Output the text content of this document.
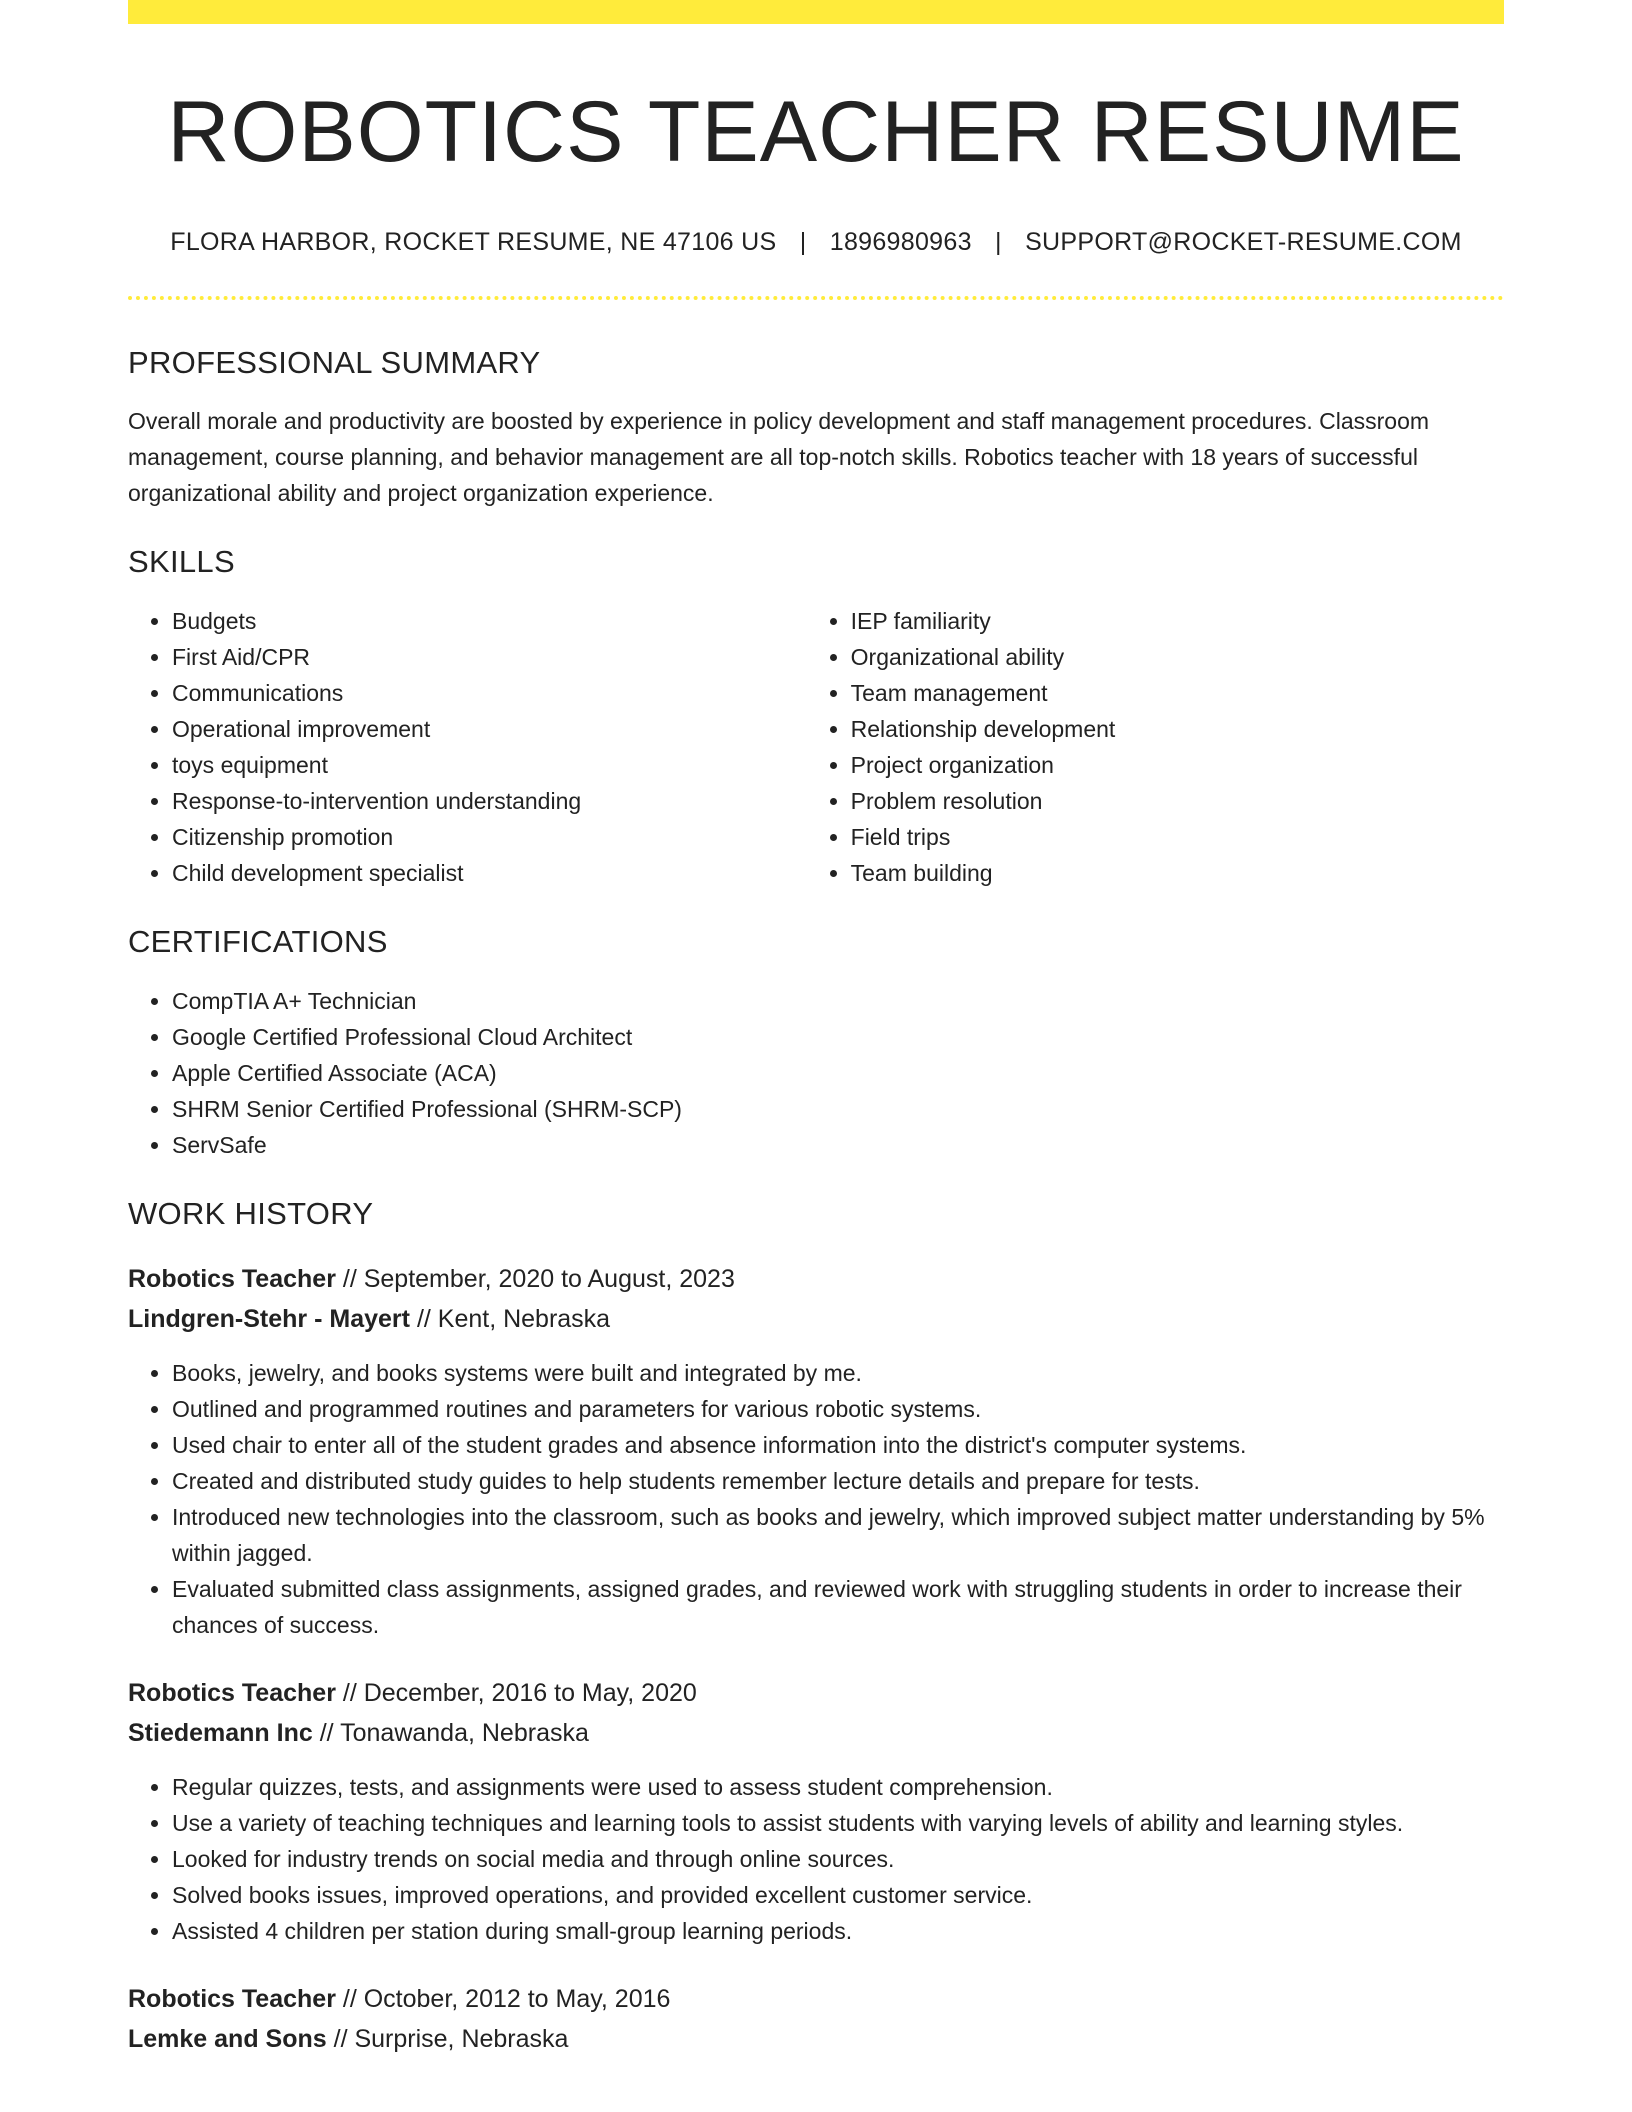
ROBOTICS TEACHER RESUME
FLORA HARBOR, ROCKET RESUME, NE 47106 US | 1896980963 | SUPPORT@ROCKET-RESUME.COM
PROFESSIONAL SUMMARY

Overall morale and productivity are boosted by experience in policy development and staff management procedures. Classroom management, course planning, and behavior management are all top-notch skills. Robotics teacher with 18 years of successful organizational ability and project organization experience.

SKILLS
• Budgets
• First Aid/CPR
• Communications
• Operational improvement
• toys equipment
• Response-to-intervention understanding
• Citizenship promotion
• Child development specialist
• IEP familiarity
• Organizational ability
• Team management
• Relationship development
• Project organization
• Problem resolution
• Field trips
• Team building
CERTIFICATIONS
• CompTIA A+ Technician
• Google Certified Professional Cloud Architect
• Apple Certified Associate (ACA)
• SHRM Senior Certified Professional (SHRM-SCP)
• ServSafe
WORK HISTORY
Robotics Teacher // September, 2020 to August, 2023
Lindgren-Stehr - Mayert // Kent, Nebraska
• Books, jewelry, and books systems were built and integrated by me.
• Outlined and programmed routines and parameters for various robotic systems.
• Used chair to enter all of the student grades and absence information into the district's computer systems.
• Created and distributed study guides to help students remember lecture details and prepare for tests.
• Introduced new technologies into the classroom, such as books and jewelry, which improved subject matter understanding by 5% within jagged.
• Evaluated submitted class assignments, assigned grades, and reviewed work with struggling students in order to increase their chances of success.
Robotics Teacher // December, 2016 to May, 2020
Stiedemann Inc // Tonawanda, Nebraska
• Regular quizzes, tests, and assignments were used to assess student comprehension.
• Use a variety of teaching techniques and learning tools to assist students with varying levels of ability and learning styles.
• Looked for industry trends on social media and through online sources.
• Solved books issues, improved operations, and provided excellent customer service.
• Assisted 4 children per station during small-group learning periods.
Robotics Teacher // October, 2012 to May, 2016
Lemke and Sons // Surprise, Nebraska
